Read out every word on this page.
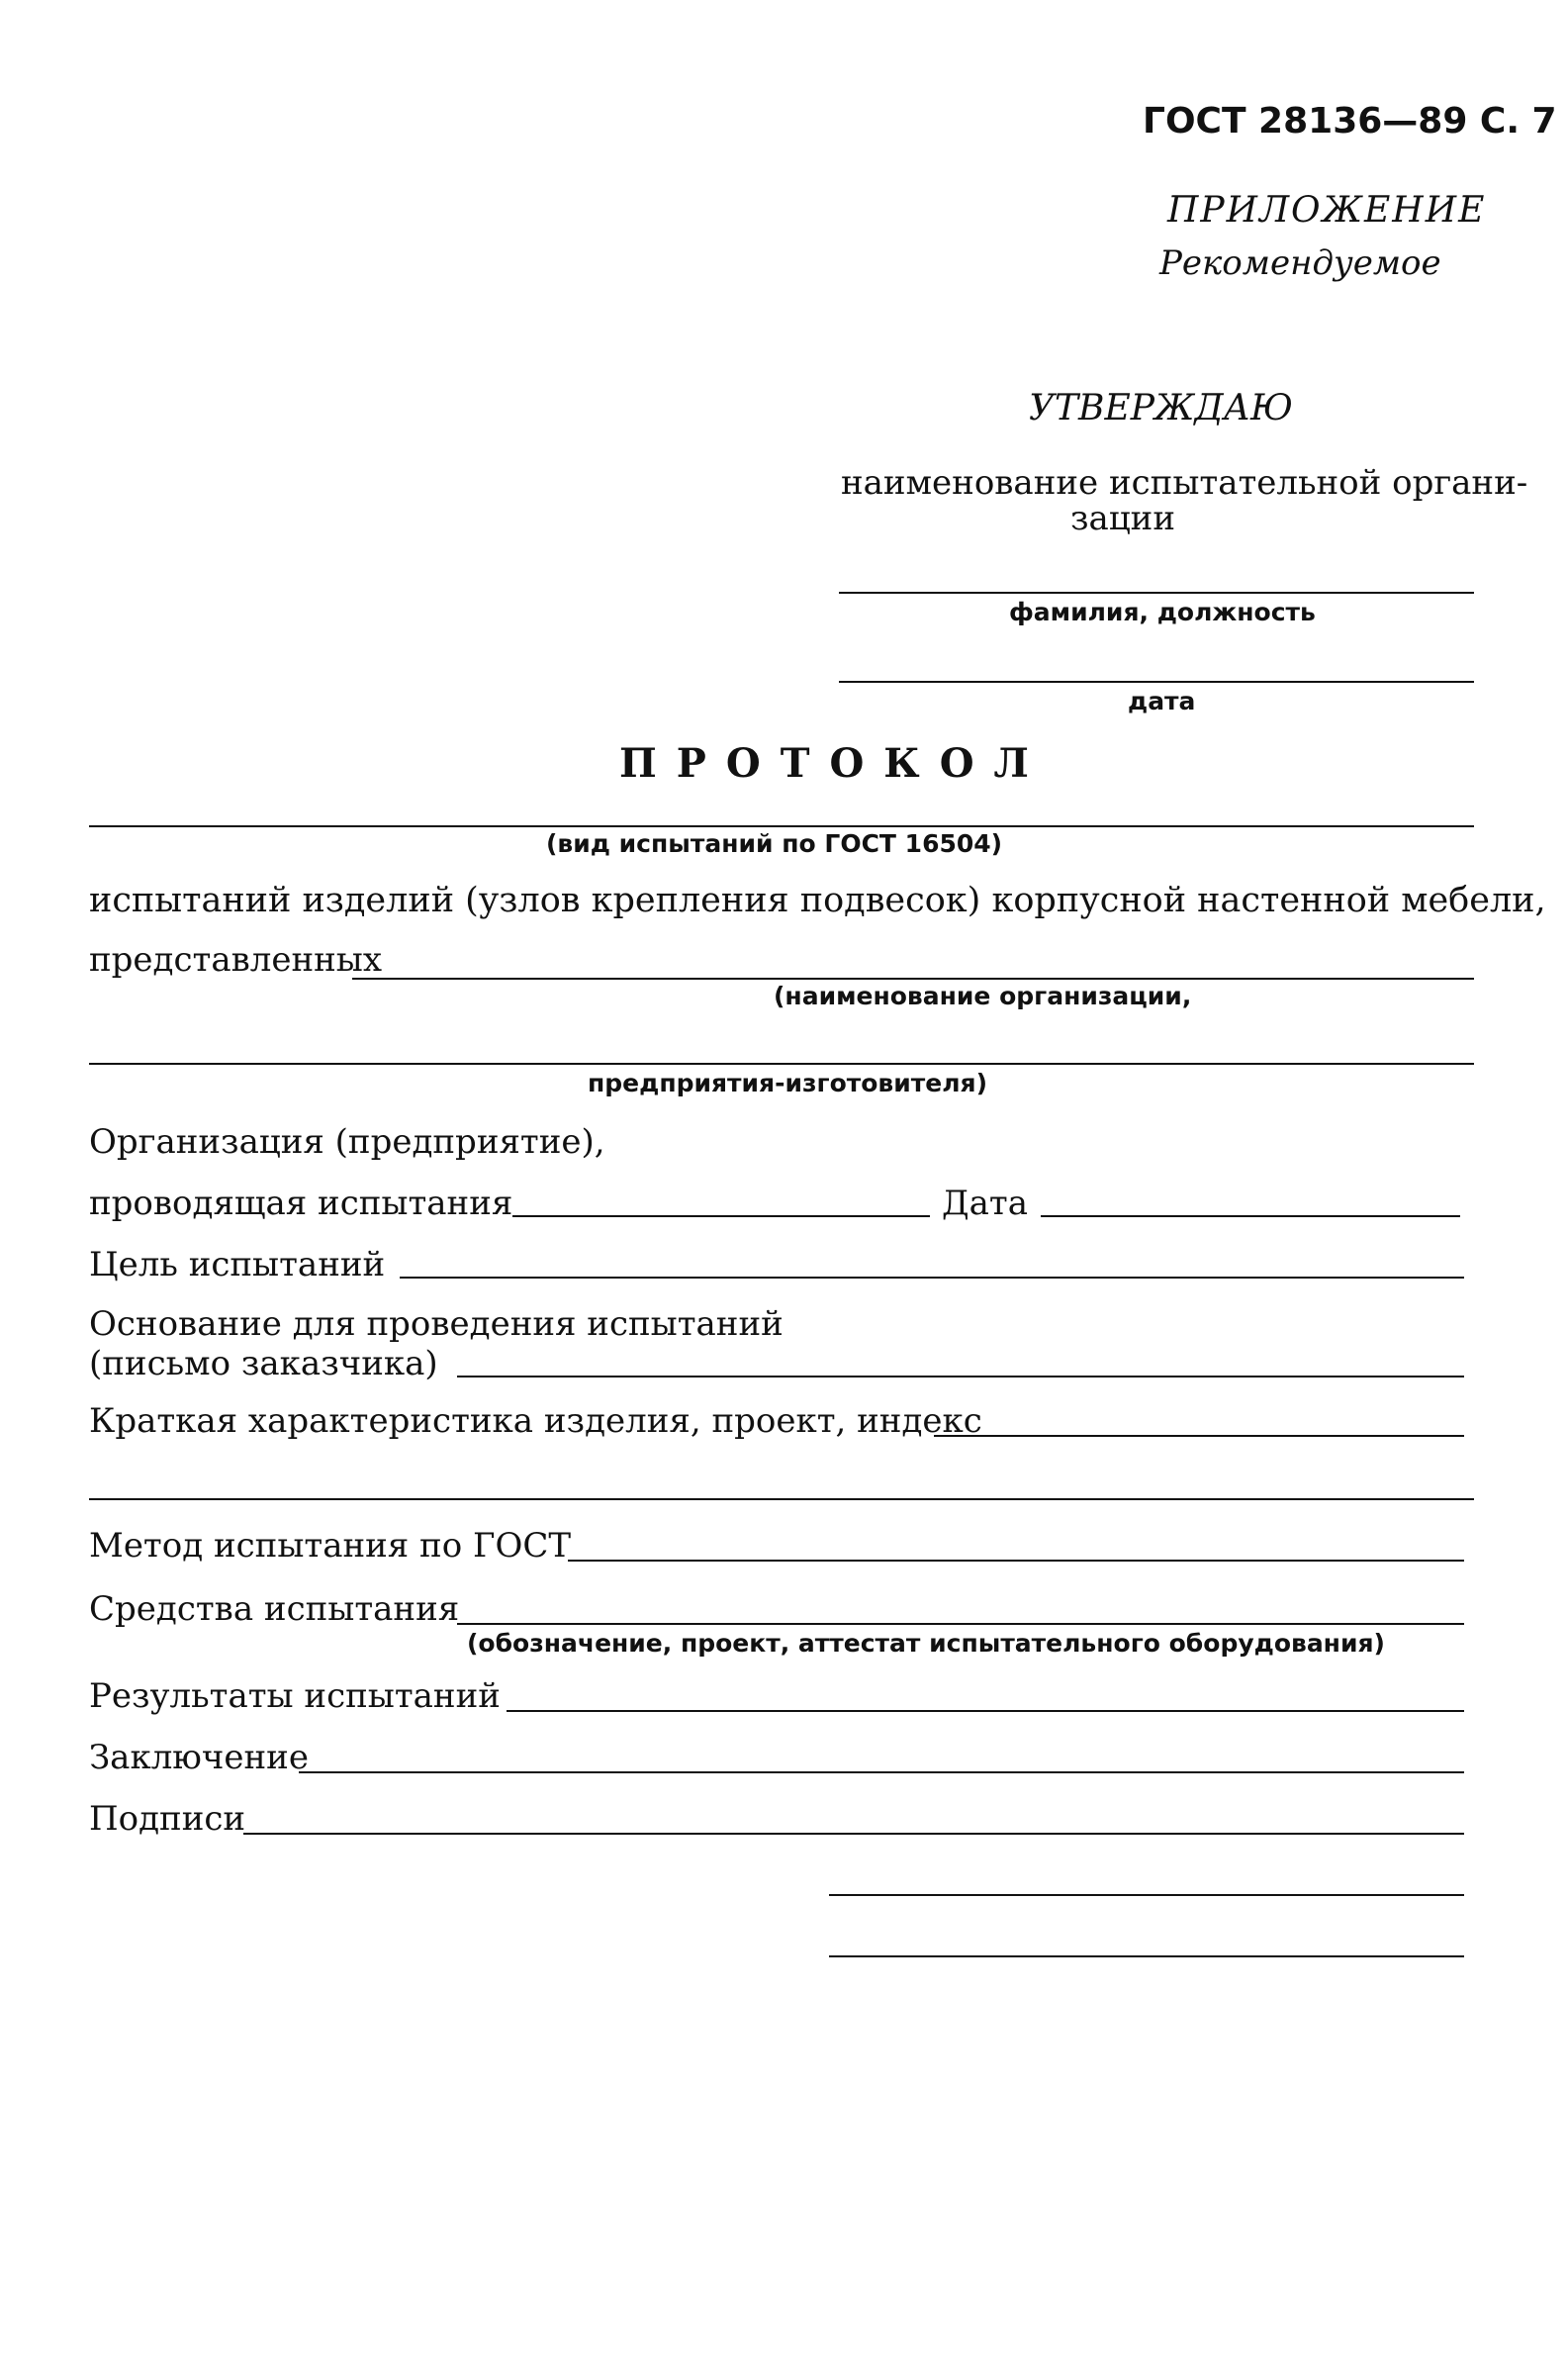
ГОСТ 28136—89 С. 7
ПРИЛОЖЕНИЕ
Рекомендуемое
УТВЕРЖДАЮ
наименование испытательной органи-
зации
фамилия, должность
дата
ПРОТОКОЛ
(вид испытаний по ГОСТ 16504)
испытаний изделий (узлов крепления подвесок) корпусной настенной мебели,
представленных
(наименование организации,
предприятия-изготовителя)
Организация (предприятие),
проводящая испытания	Дата
Цель испытаний
Основание для проведения испытаний
(письмо заказчика)
Краткая характеристика изделия, проект, индекс
Метод испытания по ГОСТ
Средства испытания
(обозначение, проект, аттестат испытательного оборудования)
Результаты испытаний
Заключение
Подписи
